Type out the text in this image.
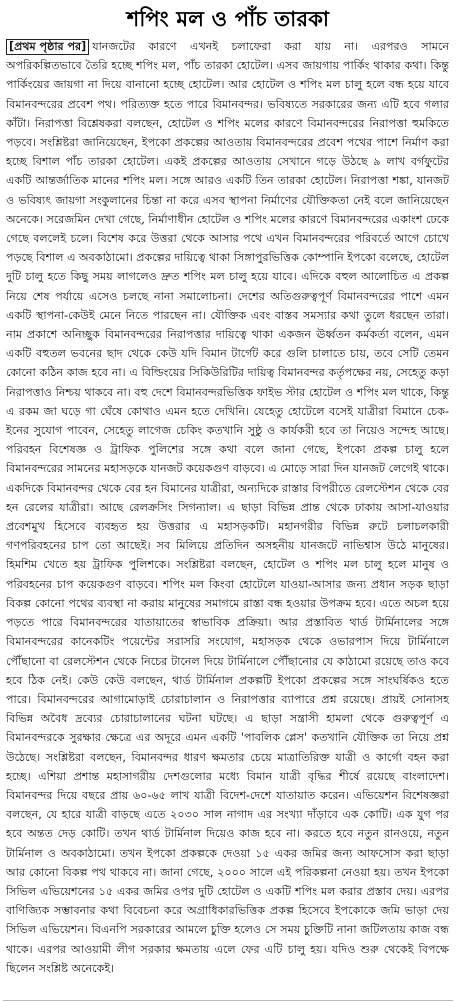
শপিং মল ও পাঁচ তারকা

[প্রথম পৃষ্ঠার পর] যানজটের কারণে এখনই চলাফেরা করা যায় না। এরপরও সামনে অপরিকল্পিতভাবে তৈরি হচ্ছে শপিং মল, পাঁচ তারকা হোটেল। এসব জায়গায় পার্কিং থাকার কথা। কিন্তু পার্কিংয়ের জায়গা না দিয়ে বানানো হচ্ছে হোটেল। আর হোটেল ও শপিং মল চালু হলে বন্ধ হয়ে যাবে বিমানবন্দরের প্রবেশ পথ। পরিত্যক্ত হতে পারে বিমানবন্দর। ভবিষ্যতে সরকারের জন্য এটি হবে গলার কাঁটা। নিরাপত্তা বিশ্লেষকরা বলছেন, হোটেল ও শপিং মলের কারণে বিমানবন্দরের নিরাপত্তা হুমকিতে পড়বে। সংশ্লিষ্টরা জানিয়েছেন, ইপকো প্রকল্পের আওতায় বিমানবন্দরের প্রবেশ পথের পাশে নির্মাণ করা হচ্ছে বিশাল পাঁচ তারকা হোটেল। একই প্রকল্পের আওতায় সেখানে গড়ে উঠছে ৯ লাখ বর্গফুটের একটি আন্তর্জাতিক মানের শপিং মল। সঙ্গে আরও একটি তিন তারকা হোটেল। নিরাপত্তা শঙ্কা, যানজট ও ভবিষ্যৎ জায়গা সংকুলানের চিন্তা না করে এসব স্থাপনা নির্মাণের যৌক্তিকতা নেই বলে জানিয়েছেন অনেকে। সরেজমিন দেখা গেছে, নির্মাণাধীন হোটেল ও শপিং মলের কারণে বিমানবন্দরের একাংশ ঢেকে গেছে বললেই চলে। বিশেষ করে উত্তরা থেকে আসার পথে এখন বিমানবন্দরের পরিবর্তে আগে চোখে পড়ছে বিশাল এ অবকাঠামো। প্রকল্পের দায়িত্বে থাকা সিঙ্গাপুরভিত্তিক কোম্পানি ইপকো বলেছে, হোটেল দুটি চালু হতে কিছু সময় লাগলেও দ্রুত শপিং মল চালু হয়ে যাবে। এদিকে বহুল আলোচিত এ প্রকল্প নিয়ে শেষ পর্যায়ে এসেও চলছে নানা সমালোচনা। দেশের অতিগুরুত্বপূর্ণ বিমানবন্দরের পাশে এমন একটি স্থাপনা-কেউই মেনে নিতে পারছেন না। যৌক্তিক এবং বাস্তব সমস্যার কথা তুলে ধরছেন তারা। নাম প্রকাশে অনিচ্ছুক বিমানবন্দরের নিরাপত্তার দায়িত্বে থাকা একজন ঊর্ধ্বতন কর্মকর্তা বলেন, এমন একটি বহুতল ভবনের ছাদ থেকে কেউ যদি বিমান টার্গেট করে গুলি চালাতে চায়, তবে সেটি তেমন কোনো কঠিন কাজ হবে না। এ বিল্ডিংয়ের সিকিউরিটির দায়িত্ব বিমানবন্দর কর্তৃপক্ষের নয়, সেহেতু কড়া নিরাপত্তাও নিশ্চয় থাকবে না। বহু দেশে বিমানবন্দরভিত্তিক ফাইভ স্টার হোটেল ও শপিং মল থাকে, কিন্তু এ রকম জা ঘড়ে গা ঘেঁষে কোথাও এমন হতে দেখিনি। যেহেতু হোটেলে বসেই যাত্রীরা বিমানে চেক-ইনের সুযোগ পাবেন, সেহেতু লাগেজ চেকিং কতখানি সুষ্ঠু ও কার্যকরী হবে তা নিয়েও সন্দেহ আছে। পরিবহন বিশেষজ্ঞ ও ট্রাফিক পুলিশের সঙ্গে কথা বলে জানা গেছে, ইপকো প্রকল্প চালু হলে বিমানবন্দরের সামনের মহাসড়কে যানজট কয়েকগুণ বাড়বে। এ মোড়ে সারা দিন যানজট লেগেই থাকে। একদিকে বিমানবন্দর থেকে বের হন বিমানের যাত্রীরা, অন্যদিকে রাস্তার বিপরীতে রেলস্টেশন থেকে বের হন রেলের যাত্রীরা। আছে রেলক্রসিং সিগন্যাল। এ ছাড়া বিভিন্ন প্রান্ত থেকে ঢাকায় আসা-যাওয়ার প্রবেশমুখ হিসেবে ব্যবহৃত হয় উত্তরার এ মহাসড়কটি। মহানগরীর বিভিন্ন রুটে চলাচলকারী গণপরিবহনের চাপ তো আছেই। সব মিলিয়ে প্রতিদিন অসহনীয় যানজটে নাভিশ্বাস উঠে মানুষের। হিমশিম খেতে হয় ট্রাফিক পুলিশকে। সংশ্লিষ্টরা বলছেন, হোটেল ও শপিং মল চালু হলে মানুষ ও পরিবহনের চাপ কয়েকগুণ বাড়বে। শপিং মল কিংবা হোটেলে যাওয়া-আসার জন্য প্রধান সড়ক ছাড়া বিকল্প কোনো পথের ব্যবস্থা না করায় মানুষের সমাগমে রাস্তা বন্ধ হওয়ার উপক্রম হবে। এতে অচল হয়ে পড়তে পারে বিমানবন্দরের যাতায়াতের স্বাভাবিক প্রক্রিয়া। আর প্রস্তাবিত থার্ড টার্মিনালের সঙ্গে বিমানবন্দরের কানেকটিং পয়েন্টের সরাসরি সংযোগ, মহাসড়ক থেকে ওভারপাস দিয়ে টার্মিনালে পৌঁছানো বা রেলস্টেশন থেকে নিচের টানেল দিয়ে টার্মিনালে পৌঁছানোর যে কাঠামো রয়েছে তাও কবে হবে ঠিক নেই। কেউ কেউ বলছেন, থার্ড টার্মিনাল প্রকল্পটি ইপকো প্রকল্পের সঙ্গে সাংঘর্ষিকও হতে পারে। বিমানবন্দরের আগামোড়াই চোরাচালান ও নিরাপত্তার ব্যাপারে প্রশ্ন রয়েছে। প্রায়ই সোনাসহ বিভিন্ন অবৈধ দ্রব্যের চোরাচালানের ঘটনা ঘটছে। এ ছাড়া সন্ত্রাসী হামলা থেকে গুরুত্বপূর্ণ এ বিমানবন্দরকে সুরক্ষার ক্ষেত্রে এর অদূরে এমন একটি 'পাবলিক প্লেস' কতখানি যৌক্তিক তা নিয়ে প্রশ্ন উঠেছে। সংশ্লিষ্টরা বলছেন, বিমানবন্দর ধারণ ক্ষমতার চেয়ে মাত্রাতিরিক্ত যাত্রী ও কার্গো বহন করা হচ্ছে। এশিয়া প্রশান্ত মহাসাগরীয় দেশগুলোর মধ্যে বিমান যাত্রী বৃদ্ধির শীর্ষে রয়েছে বাংলাদেশ। বিমানবন্দর দিয়ে বছরে প্রায় ৬০-৬৫ লাখ যাত্রী বিদেশ-দেশে যাতায়াত করেন। এভিয়েশন বিশেষজ্ঞরা বলছেন, যে হারে যাত্রী বাড়ছে এতে ২০৩০ সাল নাগাদ এর সংখ্যা দাঁড়াবে এক কোটি। এক যুগ পর হবে অন্তত দেড় কোটি। তখন থার্ড টার্মিনাল দিয়েও কাজ হবে না। করতে হবে নতুন রানওয়ে, নতুন টার্মিনাল ও অবকাঠামো। তখন ইপকো প্রকল্পকে দেওয়া ১৫ একর জমির জন্য আফসোস করা ছাড়া আর কোনো বিকল্প পথ থাকবে না। জানা গেছে, ২০০০ সালে এই পরিকল্পনা নেওয়া হয়। তখন ইপকো সিভিল এভিয়েশনের ১৫ একর জমির ওপর দুটি হোটেল ও একটি শপিং মল করার প্রস্তাব দেয়। এরপর বাণিজ্যিক সম্ভাবনার কথা বিবেচনা করে অগ্রাধিকারভিত্তিক প্রকল্প হিসেবে ইপকোকে জমি ভাড়া দেয় সিভিল এভিয়েশন। বিএনপি সরকারের আমলে চুক্তি হলেও সে সময় চুক্তিটি নানা জটিলতায় কাজ বন্ধ থাকে। এরপর আওয়ামী লীগ সরকার ক্ষমতায় এলে ফের এটি চালু হয়। যদিও শুরু থেকেই বিপক্ষে ছিলেন সংশ্লিষ্ট অনেকেই।
